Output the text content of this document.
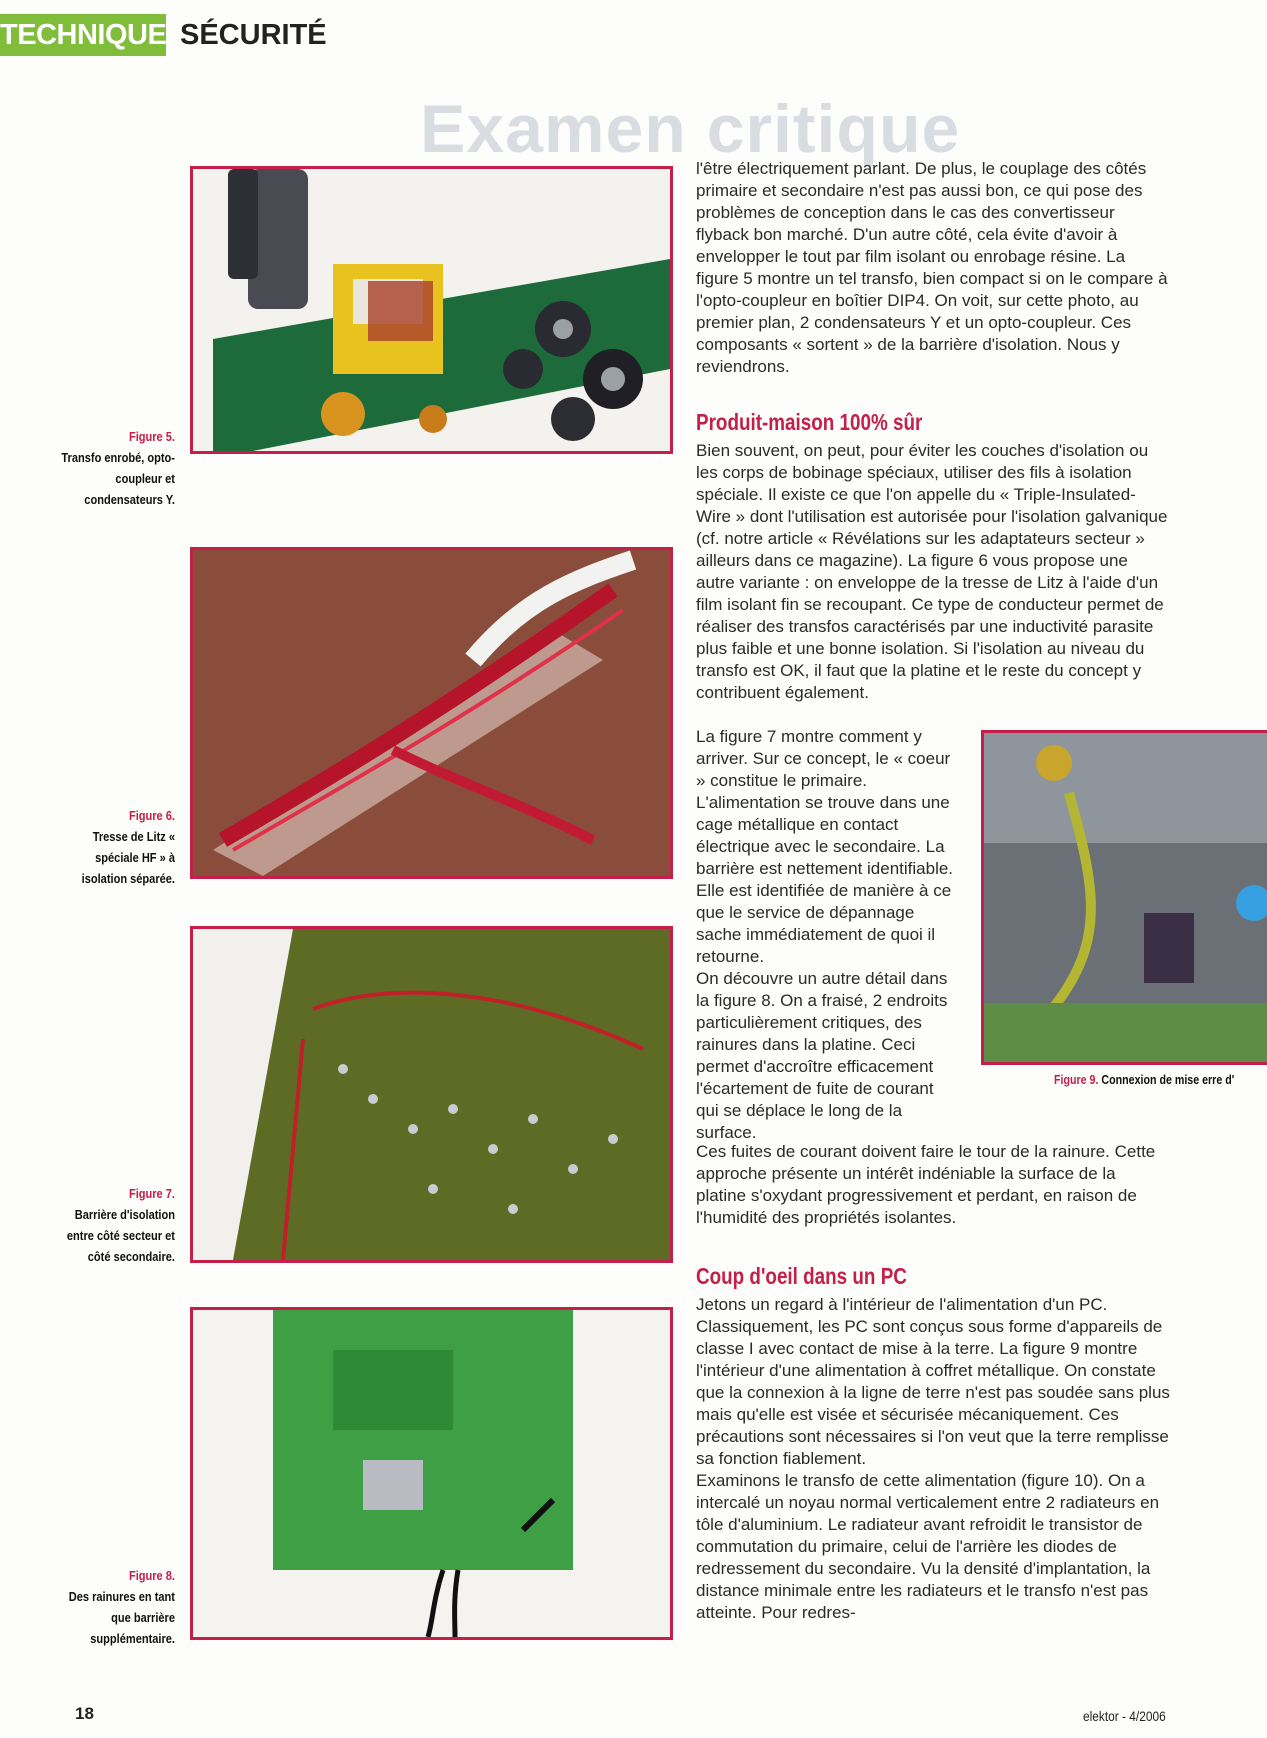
TECHNIQUE SÉCURITÉ
Examen critique
Figure 5.
Transfo enrobé, opto-coupleur et condensateurs Y.
Figure 6.
Tresse de Litz « spéciale HF » à isolation séparée.
Figure 7.
Barrière d'isolation entre côté secteur et côté secondaire.
Figure 8.
Des rainures en tant que barrière supplémentaire.
Figure 9. Connexion de mise erre d'

l'être électriquement parlant. De plus, le couplage des côtés primaire et secondaire n'est pas aussi bon, ce qui pose des problèmes de conception dans le cas des convertisseur flyback bon marché. D'un autre côté, cela évite d'avoir à envelopper le tout par film isolant ou enrobage résine. La figure 5 montre un tel transfo, bien compact si on le compare à l'opto-coupleur en boîtier DIP4. On voit, sur cette photo, au premier plan, 2 condensateurs Y et un opto-coupleur. Ces composants « sortent » de la barrière d'isolation. Nous y reviendrons.

Produit-maison 100% sûr

Bien souvent, on peut, pour éviter les couches d'isolation ou les corps de bobinage spéciaux, utiliser des fils à isolation spéciale. Il existe ce que l'on appelle du « Triple-Insulated-Wire » dont l'utilisation est autorisée pour l'isolation galvanique (cf. notre article « Révélations sur les adaptateurs secteur » ailleurs dans ce magazine). La figure 6 vous propose une autre variante : on enveloppe de la tresse de Litz à l'aide d'un film isolant fin se recoupant. Ce type de conducteur permet de réaliser des transfos caractérisés par une inductivité parasite plus faible et une bonne isolation. Si l'isolation au niveau du transfo est OK, il faut que la platine et le reste du concept y contribuent également.

La figure 7 montre comment y arriver. Sur ce concept, le « coeur » constitue le primaire. L'alimentation se trouve dans une cage métallique en contact électrique avec le secondaire. La barrière est nettement identifiable. Elle est identifiée de manière à ce que le service de dépannage sache immédiatement de quoi il retourne.

On découvre un autre détail dans la figure 8. On a fraisé, 2 endroits particulièrement critiques, des rainures dans la platine. Ceci permet d'accroître efficacement l'écartement de fuite de courant qui se déplace le long de la surface.

Ces fuites de courant doivent faire le tour de la rainure. Cette approche présente un intérêt indéniable la surface de la platine s'oxydant progressivement et perdant, en raison de l'humidité des propriétés isolantes.

Coup d'oeil dans un PC

Jetons un regard à l'intérieur de l'alimentation d'un PC. Classiquement, les PC sont conçus sous forme d'appareils de classe I avec contact de mise à la terre. La figure 9 montre l'intérieur d'une alimentation à coffret métallique. On constate que la connexion à la ligne de terre n'est pas soudée sans plus mais qu'elle est visée et sécurisée mécaniquement. Ces précautions sont nécessaires si l'on veut que la terre remplisse sa fonction fiablement.

Examinons le transfo de cette alimentation (figure 10). On a intercalé un noyau normal verticalement entre 2 radiateurs en tôle d'aluminium. Le radiateur avant refroidit le transistor de commutation du primaire, celui de l'arrière les diodes de redressement du secondaire. Vu la densité d'implantation, la distance minimale entre les radiateurs et le transfo n'est pas atteinte. Pour redres-

18	elektor - 4/2006
